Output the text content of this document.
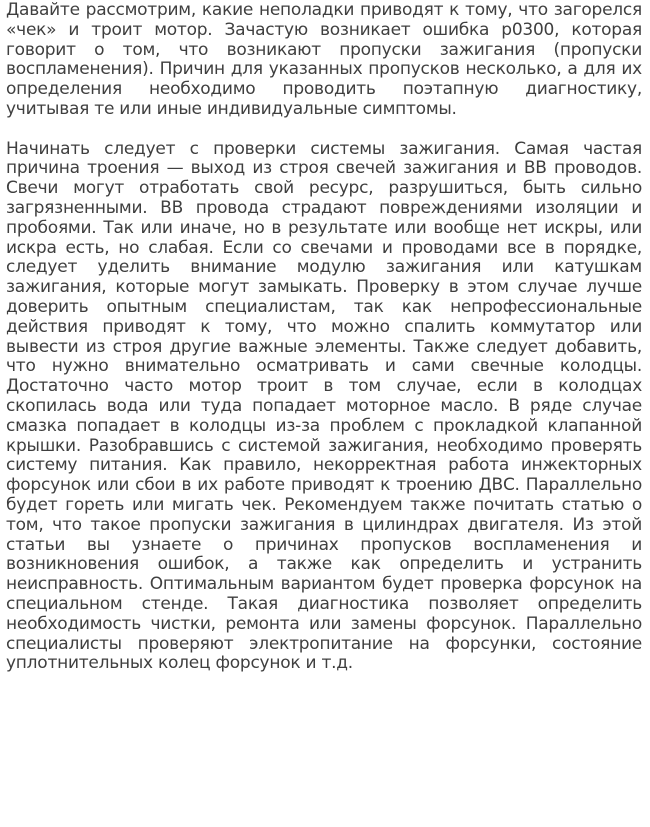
Давайте рассмотрим, какие неполадки приводят к тому, что загорелся «чек» и троит мотор. Зачастую возникает ошибка p0300, которая говорит о том, что возникают пропуски зажигания (пропуски воспламенения). Причин для указанных пропусков несколько, а для их определения необходимо проводить поэтапную диагностику, учитывая те или иные индивидуальные симптомы.

Начинать следует с проверки системы зажигания. Самая частая причина троения — выход из строя свечей зажигания и ВВ проводов. Свечи могут отработать свой ресурс, разрушиться, быть сильно загрязненными. ВВ провода страдают повреждениями изоляции и пробоями. Так или иначе, но в результате или вообще нет искры, или искра есть, но слабая. Если со свечами и проводами все в порядке, следует уделить внимание модулю зажигания или катушкам зажигания, которые могут замыкать. Проверку в этом случае лучше доверить опытным специалистам, так как непрофессиональные действия приводят к тому, что можно спалить коммутатор или вывести из строя другие важные элементы. Также следует добавить, что нужно внимательно осматривать и сами свечные колодцы. Достаточно часто мотор троит в том случае, если в колодцах скопилась вода или туда попадает моторное масло. В ряде случае смазка попадает в колодцы из-за проблем с прокладкой клапанной крышки. Разобравшись с системой зажигания, необходимо проверять систему питания. Как правило, некорректная работа инжекторных форсунок или сбои в их работе приводят к троению ДВС. Параллельно будет гореть или мигать чек. Рекомендуем также почитать статью о том, что такое пропуски зажигания в цилиндрах двигателя. Из этой статьи вы узнаете о причинах пропусков воспламенения и возникновения ошибок, а также как определить и устранить неисправность. Оптимальным вариантом будет проверка форсунок на специальном стенде. Такая диагностика позволяет определить необходимость чистки, ремонта или замены форсунок. Параллельно специалисты проверяют электропитание на форсунки, состояние уплотнительных колец форсунок и т.д.
